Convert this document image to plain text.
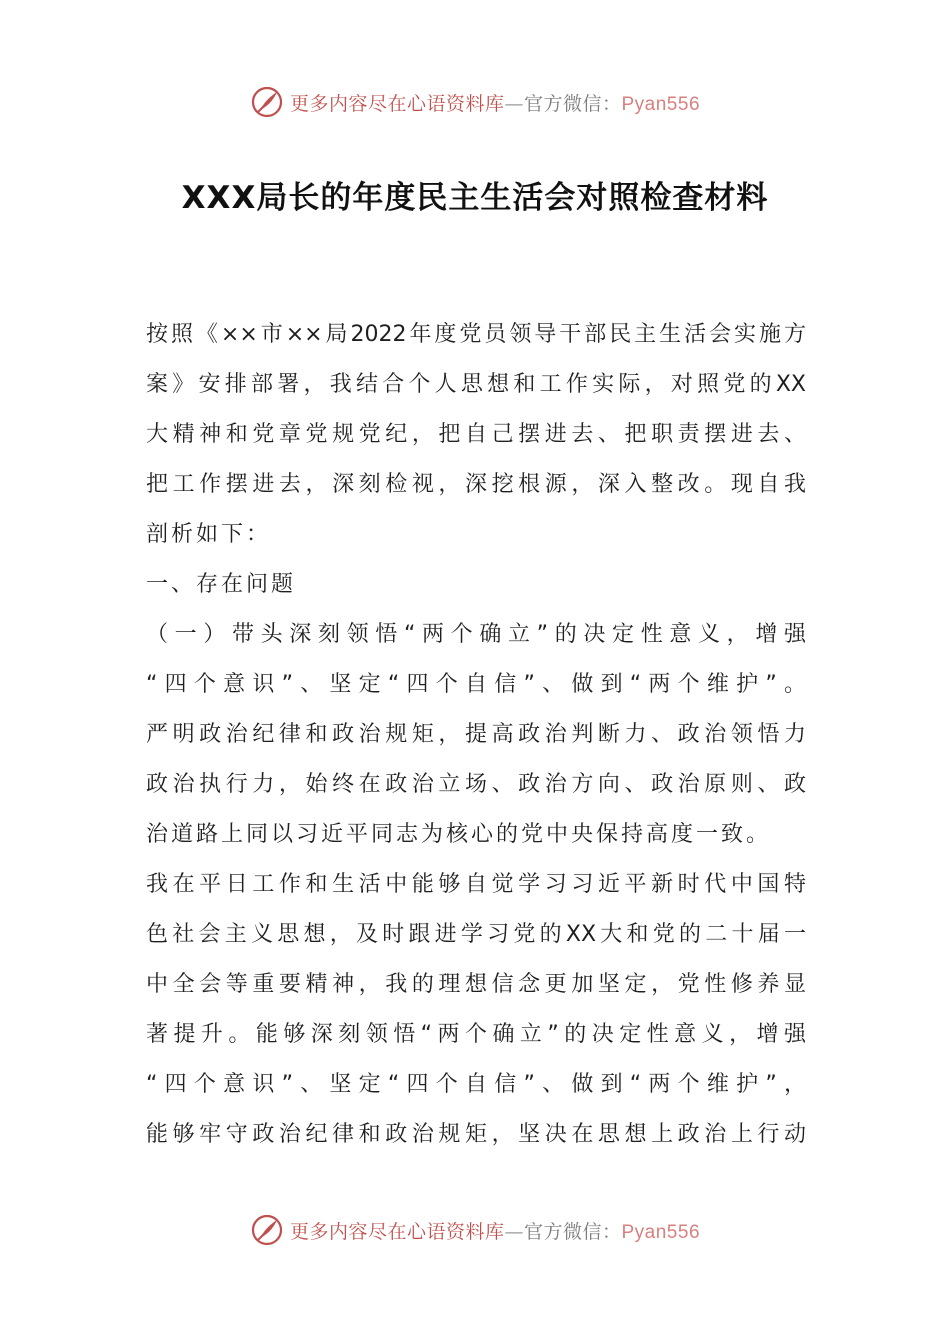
更多内容尽在心语资料库—官方微信：Pyan556
XXX局长的年度民主生活会对照检查材料
按照《××市××局2022年度党员领导干部民主生活会实施方
案》安排部署，我结合个人思想和工作实际，对照党的XX
大精神和党章党规党纪，把自己摆进去、把职责摆进去、
把工作摆进去，深刻检视，深挖根源，深入整改。现自我
剖析如下：
一、存在问题
（一）带头深刻领悟“两个确立”的决定性意义，增强
“四个意识”、坚定“四个自信”、做到“两个维护”。
严明政治纪律和政治规矩，提高政治判断力、政治领悟力
政治执行力，始终在政治立场、政治方向、政治原则、政
治道路上同以习近平同志为核心的党中央保持高度一致。
我在平日工作和生活中能够自觉学习习近平新时代中国特
色社会主义思想，及时跟进学习党的XX大和党的二十届一
中全会等重要精神，我的理想信念更加坚定，党性修养显
著提升。能够深刻领悟“两个确立”的决定性意义，增强
“四个意识”、坚定“四个自信”、做到“两个维护”，
能够牢守政治纪律和政治规矩，坚决在思想上政治上行动
更多内容尽在心语资料库—官方微信：Pyan556
